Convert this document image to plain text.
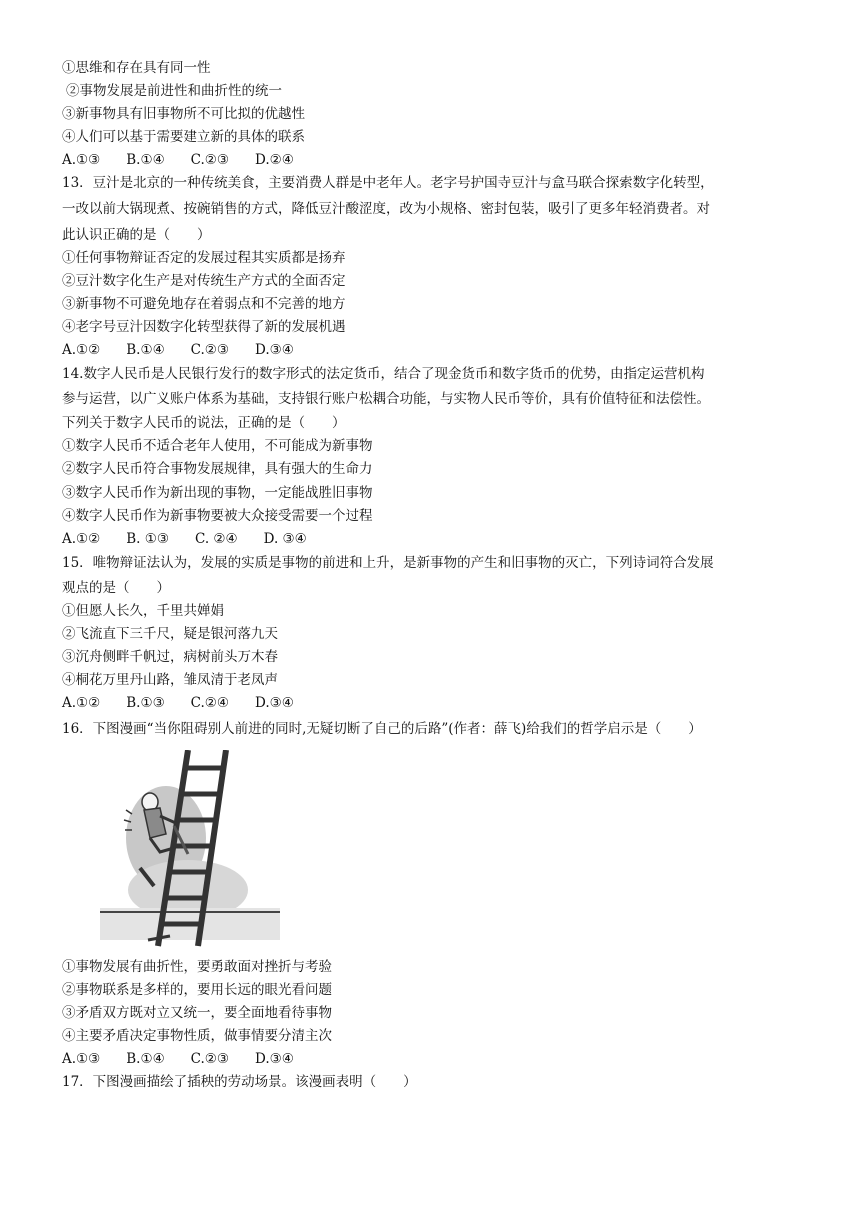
①思维和存在具有同一性
②事物发展是前进性和曲折性的统一
③新事物具有旧事物所不可比拟的优越性
④人们可以基于需要建立新的具体的联系
A.①③ B.①④ C.②③ D.②④
13．豆汁是北京的一种传统美食，主要消费人群是中老年人。老字号护国寺豆汁与盒马联合探索数字化转型，
一改以前大锅现煮、按碗销售的方式，降低豆汁酸涩度，改为小规格、密封包装，吸引了更多年轻消费者。对
此认识正确的是（　　）
①任何事物辩证否定的发展过程其实质都是扬弃
②豆汁数字化生产是对传统生产方式的全面否定
③新事物不可避免地存在着弱点和不完善的地方
④老字号豆汁因数字化转型获得了新的发展机遇
A.①② B.①④ C.②③ D.③④
14.数字人民币是人民银行发行的数字形式的法定货币，结合了现金货币和数字货币的优势，由指定运营机构
参与运营，以广义账户体系为基础，支持银行账户松耦合功能，与实物人民币等价，具有价值特征和法偿性。
下列关于数字人民币的说法，正确的是（　　）
①数字人民币不适合老年人使用，不可能成为新事物
②数字人民币符合事物发展规律，具有强大的生命力
③数字人民币作为新出现的事物，一定能战胜旧事物
④数字人民币作为新事物要被大众接受需要一个过程
A.①② B. ①③ C. ②④ D. ③④
15．唯物辩证法认为，发展的实质是事物的前进和上升，是新事物的产生和旧事物的灭亡，下列诗词符合发展
观点的是（　　）
①但愿人长久，千里共婵娟
②飞流直下三千尺，疑是银河落九天
③沉舟侧畔千帆过，病树前头万木春
④桐花万里丹山路，雏凤清于老凤声
A.①② B.①③ C.②④ D.③④
16．下图漫画“当你阻碍别人前进的同时,无疑切断了自己的后路”(作者：薛飞)给我们的哲学启示是（　　）
①事物发展有曲折性，要勇敢面对挫折与考验
②事物联系是多样的，要用长远的眼光看问题
③矛盾双方既对立又统一，要全面地看待事物
④主要矛盾决定事物性质，做事情要分清主次
A.①③ B.①④ C.②③ D.③④
17．下图漫画描绘了插秧的劳动场景。该漫画表明（　　）
